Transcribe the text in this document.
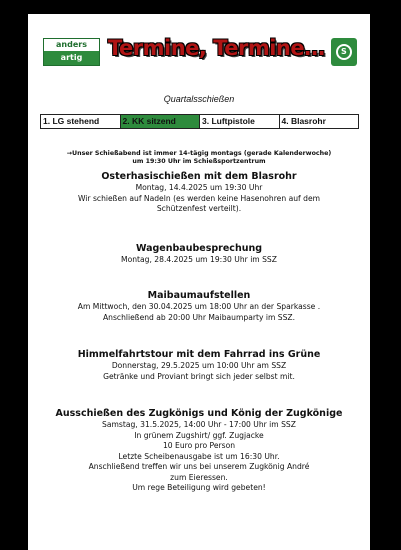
anders
artig	Termine, Termine…	S
Quartalsschießen
1. LG stehend	2. KK sitzend	3. Luftpistole	4. Blasrohr
→Unser Schießabend ist immer 14-tägig montags (gerade Kalenderwoche)
um 19:30 Uhr im Schießsportzentrum
Osterhasischießen mit dem Blasrohr
Montag, 14.4.2025 um 19:30 Uhr
Wir schießen auf Nadeln (es werden keine Hasenohren auf dem
Schützenfest verteilt).
Wagenbaubesprechung
Montag, 28.4.2025 um 19:30 Uhr im SSZ
Maibaumaufstellen
Am Mittwoch, den 30.04.2025 um 18:00 Uhr an der Sparkasse .
Anschließend ab 20:00 Uhr Maibaumparty im SSZ.
Himmelfahrtstour mit dem Fahrrad ins Grüne
Donnerstag, 29.5.2025 um 10:00 Uhr am SSZ
Getränke und Proviant bringt sich jeder selbst mit.
Ausschießen des Zugkönigs und König der Zugkönige
Samstag, 31.5.2025, 14:00 Uhr - 17:00 Uhr im SSZ
In grünem Zugshirt/ ggf. Zugjacke
10 Euro pro Person
Letzte Scheibenausgabe ist um 16:30 Uhr.
Anschließend treffen wir uns bei unserem Zugkönig André
zum Eieressen.
Um rege Beteiligung wird gebeten!
